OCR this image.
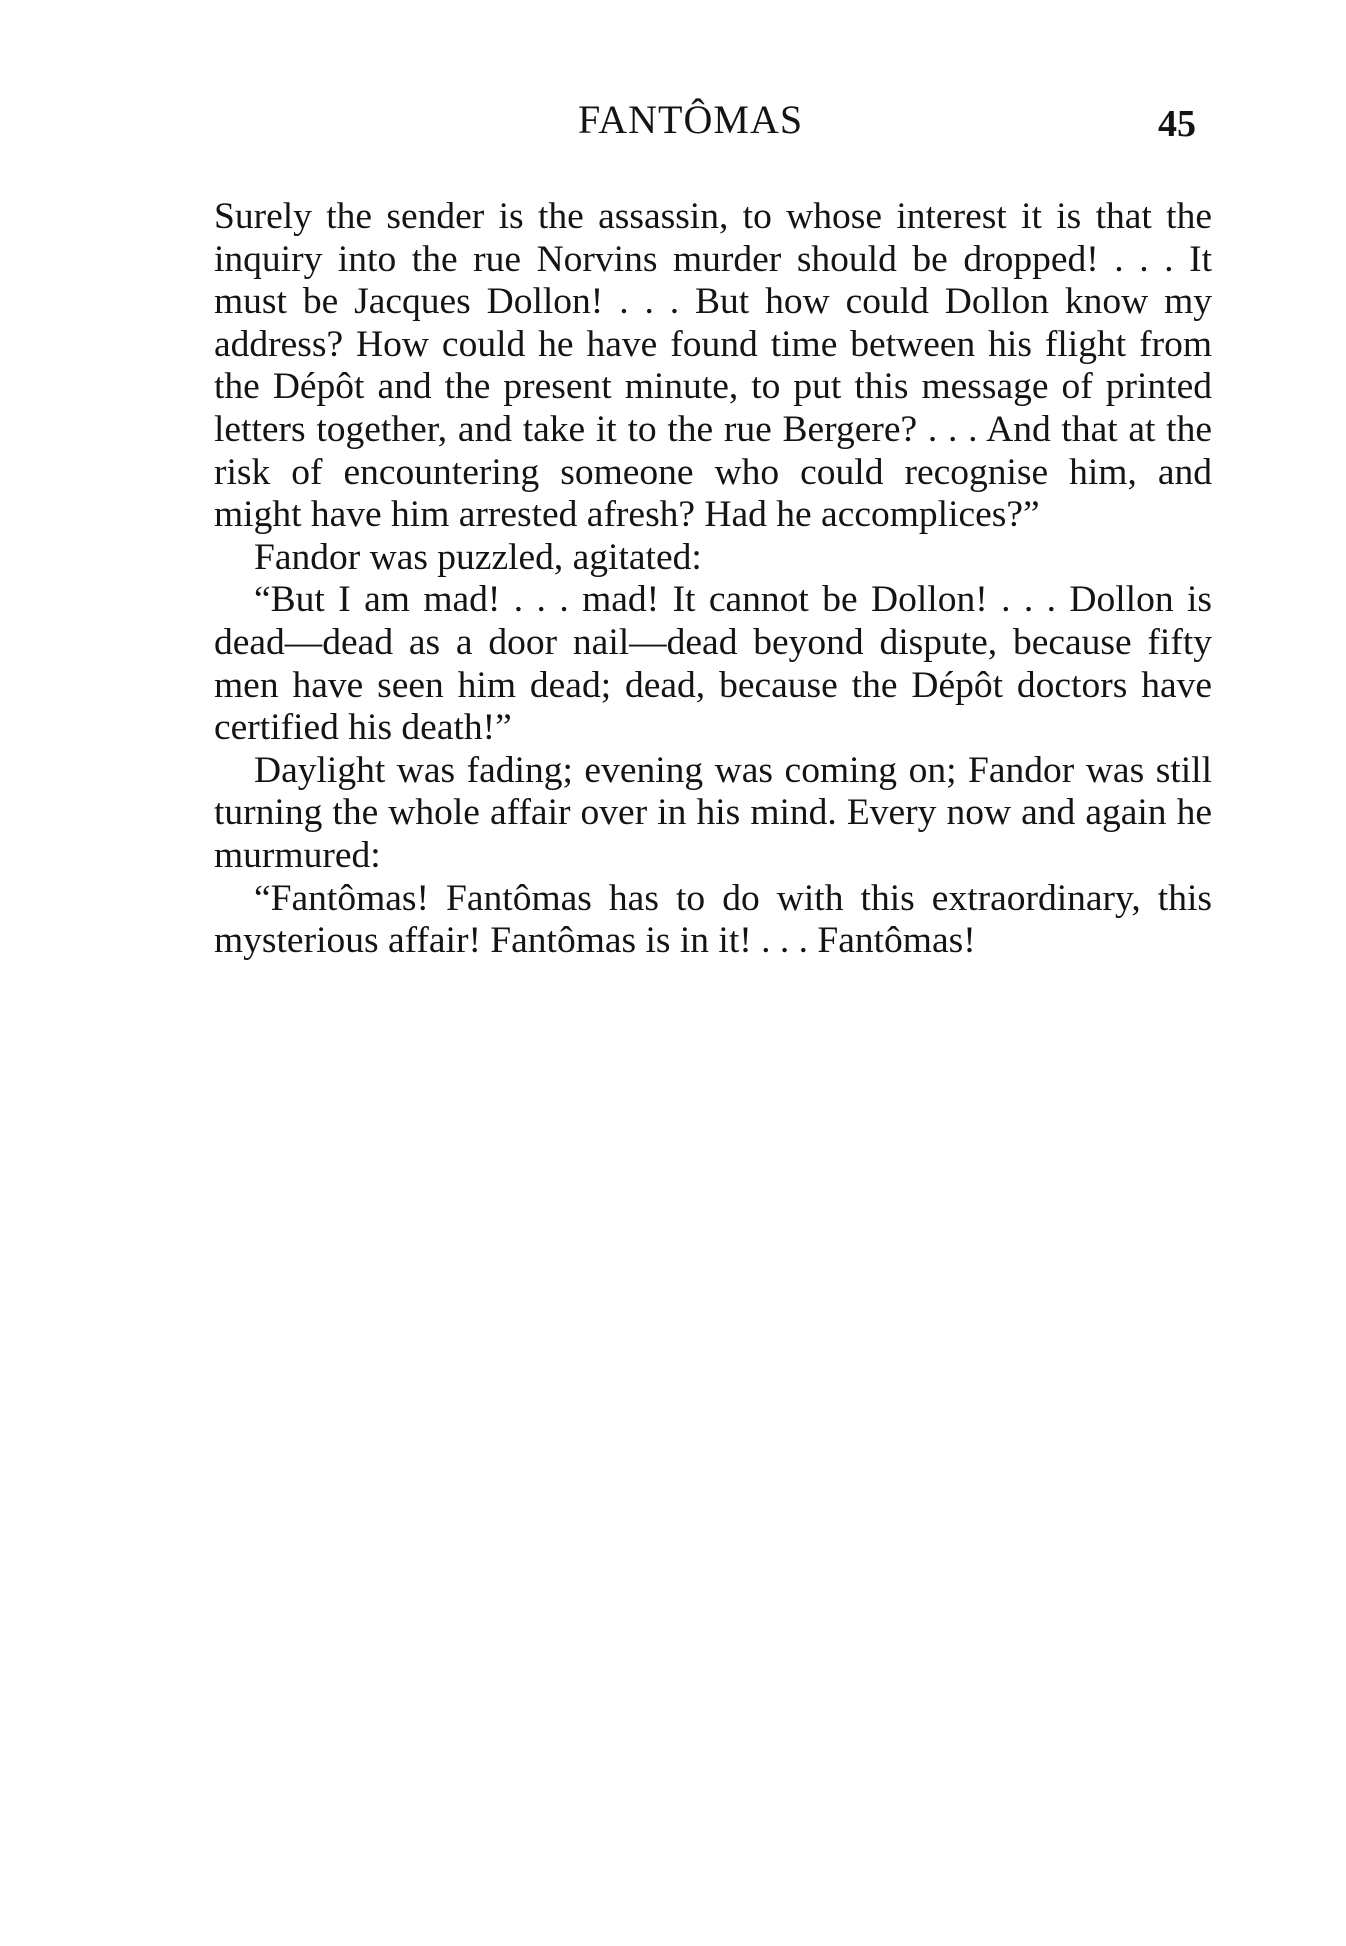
FANTÔMAS	45

Surely the sender is the assassin, to whose interest it is that the inquiry into the rue Norvins murder should be dropped! . . . It must be Jacques Dollon! . . . But how could Dollon know my address? How could he have found time between his flight from the Dépôt and the present minute, to put this message of printed letters together, and take it to the rue Bergere? . . . And that at the risk of encountering someone who could recognise him, and might have him arrested afresh? Had he accomplices?”

Fandor was puzzled, agitated:

“But I am mad! . . . mad! It cannot be Dollon! . . . Dollon is dead—dead as a door nail—dead beyond dispute, because fifty men have seen him dead; dead, because the Dépôt doctors have certified his death!”

Daylight was fading; evening was coming on; Fandor was still turning the whole affair over in his mind. Every now and again he murmured:

“Fantômas! Fantômas has to do with this extraordinary, this mysterious affair! Fantômas is in it! . . . Fantômas!
